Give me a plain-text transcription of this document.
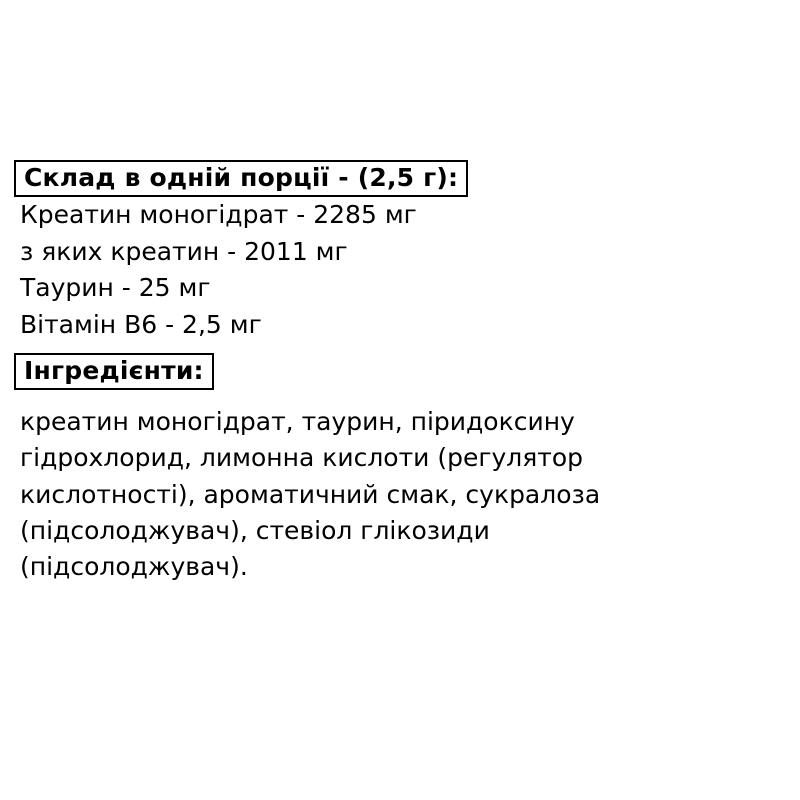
Склад в одній порції - (2,5 г):
Креатин моногідрат - 2285 мг
з яких креатин - 2011 мг
Таурин - 25 мг
Вітамін В6 - 2,5 мг
Інгредієнти:
креатин моногідрат, таурин, піридоксину гідрохлорид, лимонна кислоти (регулятор кислотності), ароматичний смак, сукралоза (підсолоджувач), стевіол глікозиди (підсолоджувач).
